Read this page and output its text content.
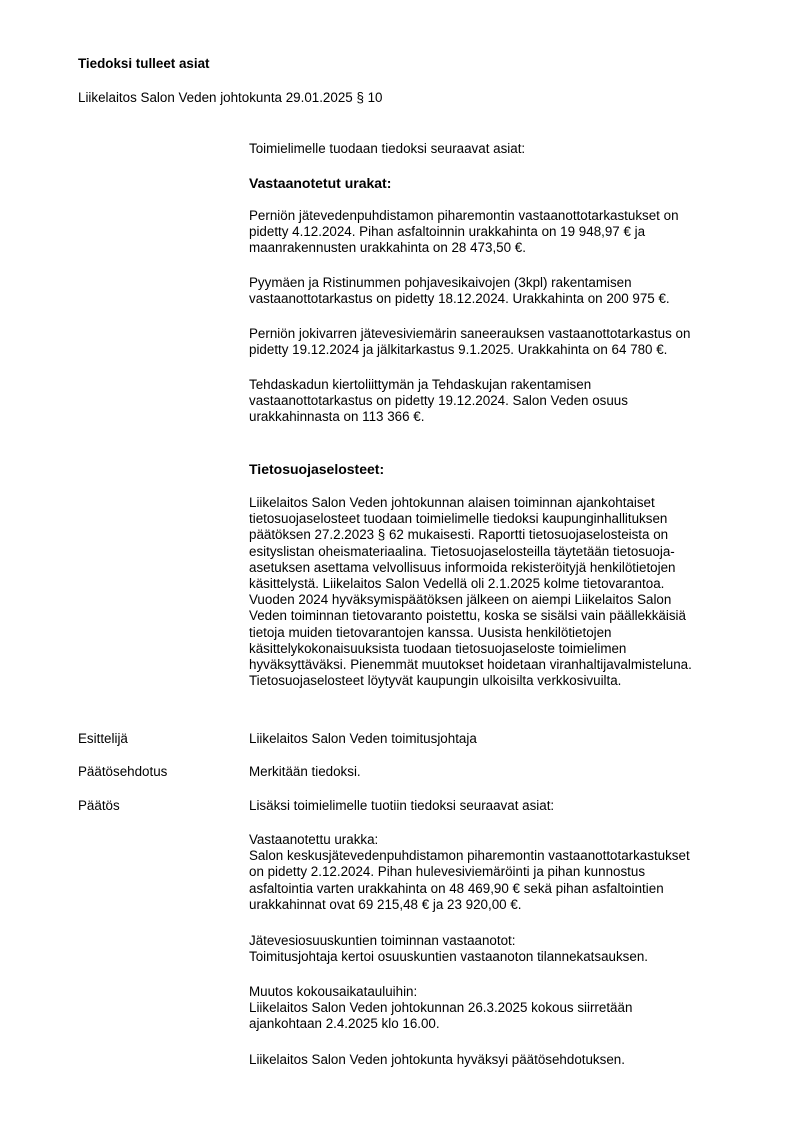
Tiedoksi tulleet asiat
Liikelaitos Salon Veden johtokunta 29.01.2025 § 10
Toimielimelle tuodaan tiedoksi seuraavat asiat:
Vastaanotetut urakat:
Perniön jätevedenpuhdistamon piharemontin vastaanottotarkastukset on
pidetty 4.12.2024. Pihan asfaltoinnin urakkahinta on 19 948,97 € ja
maanrakennusten urakkahinta on 28 473,50 €.
Pyymäen ja Ristinummen pohjavesikaivojen (3kpl) rakentamisen
vastaanottotarkastus on pidetty 18.12.2024. Urakkahinta on 200 975 €.
Perniön jokivarren jätevesiviemärin saneerauksen vastaanottotarkastus on
pidetty 19.12.2024 ja jälkitarkastus 9.1.2025. Urakkahinta on 64 780 €.
Tehdaskadun kiertoliittymän ja Tehdaskujan rakentamisen
vastaanottotarkastus on pidetty 19.12.2024. Salon Veden osuus
urakkahinnasta on 113 366 €.
Tietosuojaselosteet:
Liikelaitos Salon Veden johtokunnan alaisen toiminnan ajankohtaiset
tietosuojaselosteet tuodaan toimielimelle tiedoksi kaupunginhallituksen
päätöksen 27.2.2023 § 62 mukaisesti. Raportti tietosuojaselosteista on
esityslistan oheismateriaalina. Tietosuojaselosteilla täytetään tietosuoja-
asetuksen asettama velvollisuus informoida rekisteröityjä henkilötietojen
käsittelystä. Liikelaitos Salon Vedellä oli 2.1.2025 kolme tietovarantoa.
Vuoden 2024 hyväksymispäätöksen jälkeen on aiempi Liikelaitos Salon
Veden toiminnan tietovaranto poistettu, koska se sisälsi vain päällekkäisiä
tietoja muiden tietovarantojen kanssa. Uusista henkilötietojen
käsittelykokonaisuuksista tuodaan tietosuojaseloste toimielimen
hyväksyttäväksi. Pienemmät muutokset hoidetaan viranhaltijavalmisteluna.
Tietosuojaselosteet löytyvät kaupungin ulkoisilta verkkosivuilta.
Esittelijä	Liikelaitos Salon Veden toimitusjohtaja
Päätösehdotus	Merkitään tiedoksi.
Päätös	Lisäksi toimielimelle tuotiin tiedoksi seuraavat asiat:
Vastaanotettu urakka:
Salon keskusjätevedenpuhdistamon piharemontin vastaanottotarkastukset
on pidetty 2.12.2024. Pihan hulevesiviemäröinti ja pihan kunnostus
asfaltointia varten urakkahinta on 48 469,90 € sekä pihan asfaltointien
urakkahinnat ovat 69 215,48 € ja 23 920,00 €.
Jätevesiosuuskuntien toiminnan vastaanotot:
Toimitusjohtaja kertoi osuuskuntien vastaanoton tilannekatsauksen.
Muutos kokousaikatauluihin:
Liikelaitos Salon Veden johtokunnan 26.3.2025 kokous siirretään
ajankohtaan 2.4.2025 klo 16.00.
Liikelaitos Salon Veden johtokunta hyväksyi päätösehdotuksen.
